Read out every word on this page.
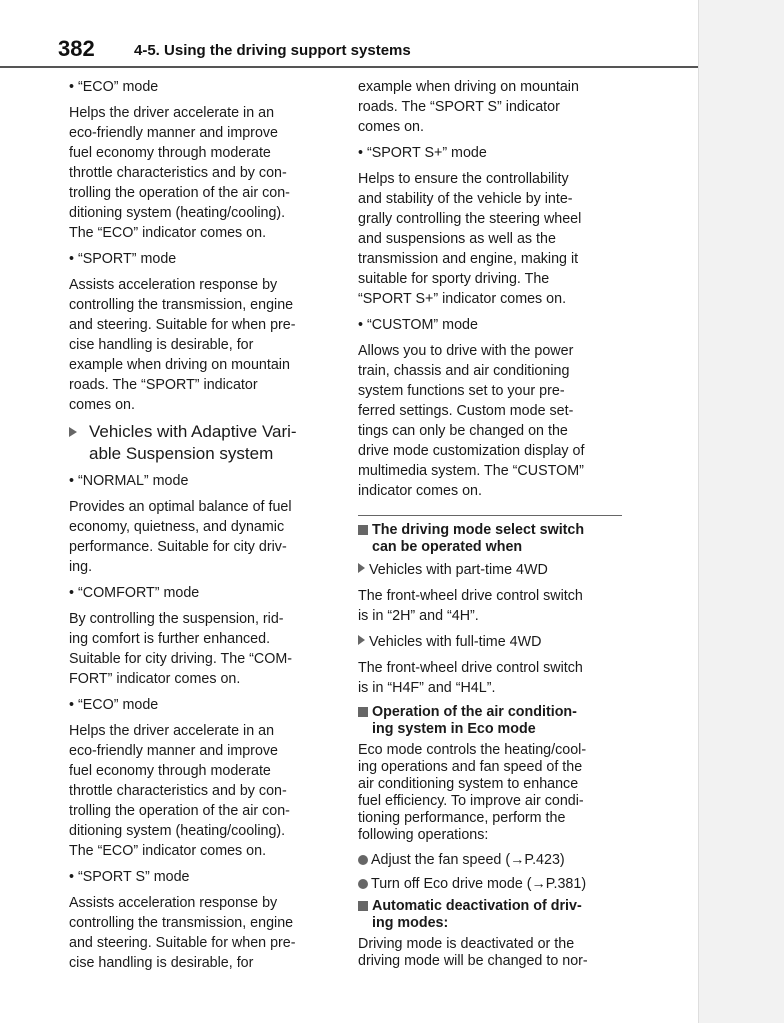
382	4-5. Using the driving support systems
• “ECO” mode

Helps the driver accelerate in an
eco-friendly manner and improve
fuel economy through moderate
throttle characteristics and by con-
trolling the operation of the air con-
ditioning system (heating/cooling).
The “ECO” indicator comes on.

• “SPORT” mode

Assists acceleration response by
controlling the transmission, engine
and steering. Suitable for when pre-
cise handling is desirable, for
example when driving on mountain
roads. The “SPORT” indicator
comes on.

Vehicles with Adaptive Vari-
able Suspension system
• “NORMAL” mode

Provides an optimal balance of fuel
economy, quietness, and dynamic
performance. Suitable for city driv-
ing.

• “COMFORT” mode

By controlling the suspension, rid-
ing comfort is further enhanced.
Suitable for city driving. The “COM-
FORT” indicator comes on.

• “ECO” mode

Helps the driver accelerate in an
eco-friendly manner and improve
fuel economy through moderate
throttle characteristics and by con-
trolling the operation of the air con-
ditioning system (heating/cooling).
The “ECO” indicator comes on.

• “SPORT S” mode

Assists acceleration response by
controlling the transmission, engine
and steering. Suitable for when pre-
cise handling is desirable, for

example when driving on mountain
roads. The “SPORT S” indicator
comes on.

• “SPORT S+” mode

Helps to ensure the controllability
and stability of the vehicle by inte-
grally controlling the steering wheel
and suspensions as well as the
transmission and engine, making it
suitable for sporty driving. The
“SPORT S+” indicator comes on.

• “CUSTOM” mode

Allows you to drive with the power
train, chassis and air conditioning
system functions set to your pre-
ferred settings. Custom mode set-
tings can only be changed on the
drive mode customization display of
multimedia system. The “CUSTOM”
indicator comes on.

The driving mode select switch
can be operated when
Vehicles with part-time 4WD

The front-wheel drive control switch
is in “2H” and “4H”.

Vehicles with full-time 4WD

The front-wheel drive control switch
is in “H4F” and “H4L”.

Operation of the air condition-
ing system in Eco mode

Eco mode controls the heating/cool-
ing operations and fan speed of the
air conditioning system to enhance
fuel efficiency. To improve air condi-
tioning performance, perform the
following operations:

Adjust the fan speed (→P.423)
Turn off Eco drive mode (→P.381)
Automatic deactivation of driv-
ing modes:

Driving mode is deactivated or the
driving mode will be changed to nor-
